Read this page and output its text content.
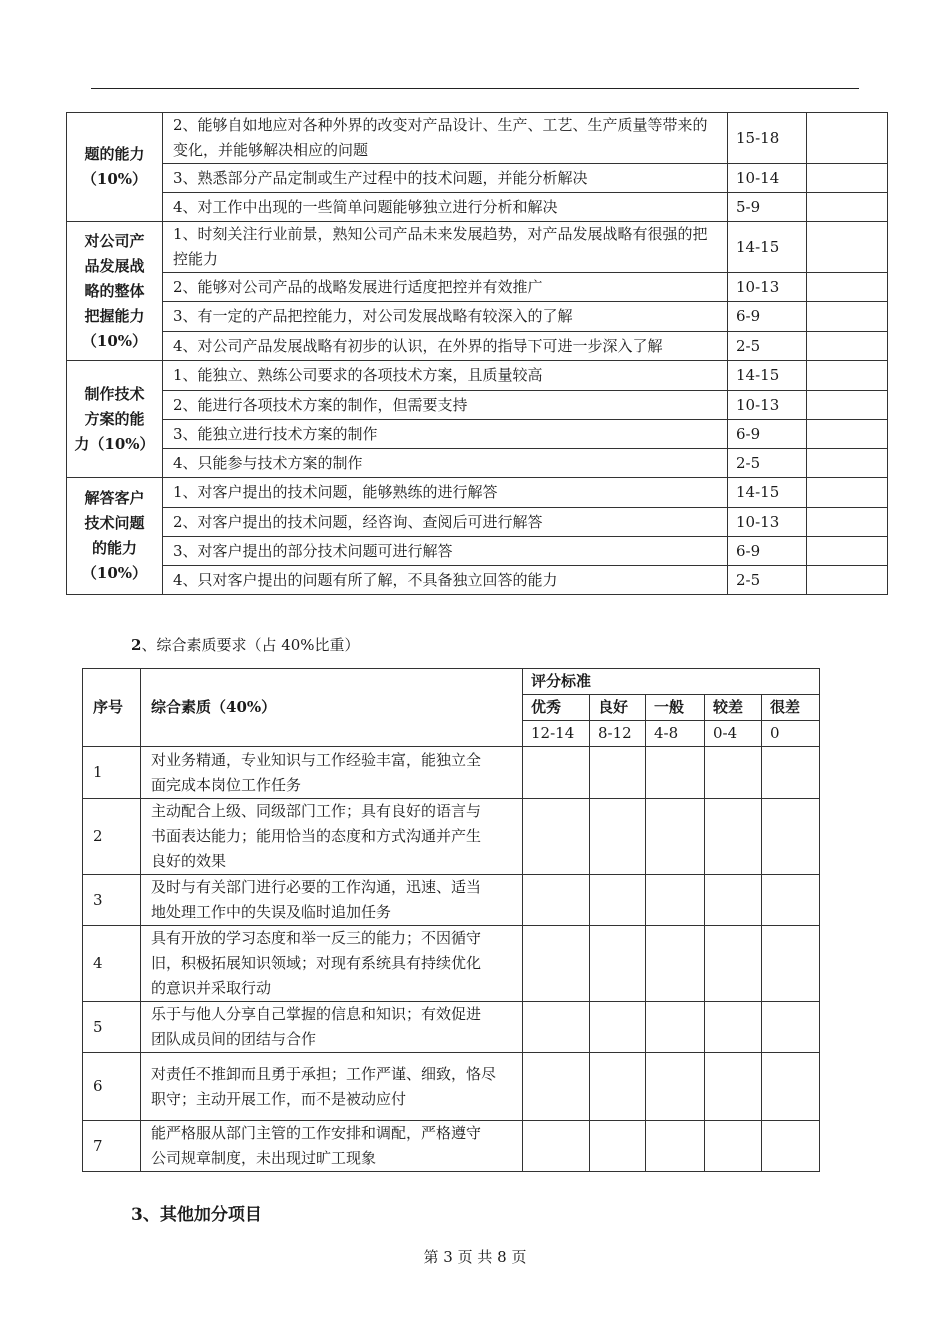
题的能力
（10%）	2、能够自如地应对各种外界的改变对产品设计、生产、工艺、生产质量等带来的变化，并能够解决相应的问题	15-18	
	3、熟悉部分产品定制或生产过程中的技术问题，并能分析解决	10-14	
	4、对工作中出现的一些简单问题能够独立进行分析和解决	5-9	

对公司产
品发展战
略的整体
把握能力
（10%）	1、时刻关注行业前景，熟知公司产品未来发展趋势，对产品发展战略有很强的把控能力	14-15	
	2、能够对公司产品的战略发展进行适度把控并有效推广	10-13	
	3、有一定的产品把控能力，对公司发展战略有较深入的了解	6-9	
	4、对公司产品发展战略有初步的认识，在外界的指导下可进一步深入了解	2-5	

制作技术
方案的能
力（10%）	1、能独立、熟练公司要求的各项技术方案，且质量较高	14-15	
	2、能进行各项技术方案的制作，但需要支持	10-13	
	3、能独立进行技术方案的制作	6-9	
	4、只能参与技术方案的制作	2-5	

解答客户
技术问题
的能力
（10%）	1、对客户提出的技术问题，能够熟练的进行解答	14-15	
	2、对客户提出的技术问题，经咨询、查阅后可进行解答	10-13	
	3、对客户提出的部分技术问题可进行解答	6-9	
	4、只对客户提出的问题有所了解，不具备独立回答的能力	2-5	
2、综合素质要求（占 40%比重）
序号	综合素质（40%）	评分标准				
		优秀	良好	一般	较差	很差
		12-14	8-12	4-8	0-4	0
1	对业务精通，专业知识与工作经验丰富，能独立全
面完成本岗位工作任务					

2	主动配合上级、同级部门工作；具有良好的语言与
书面表达能力；能用恰当的态度和方式沟通并产生
良好的效果					

3	及时与有关部门进行必要的工作沟通，迅速、适当
地处理工作中的失误及临时追加任务					

4	具有开放的学习态度和举一反三的能力；不因循守
旧，积极拓展知识领域；对现有系统具有持续优化
的意识并采取行动					

5	乐于与他人分享自己掌握的信息和知识；有效促进
团队成员间的团结与合作					

6	对责任不推卸而且勇于承担；工作严谨、细致，恪尽
职守；主动开展工作，而不是被动应付					

7	能严格服从部门主管的工作安排和调配，严格遵守
公司规章制度，未出现过旷工现象					

3、其他加分项目
第 3 页 共 8 页
